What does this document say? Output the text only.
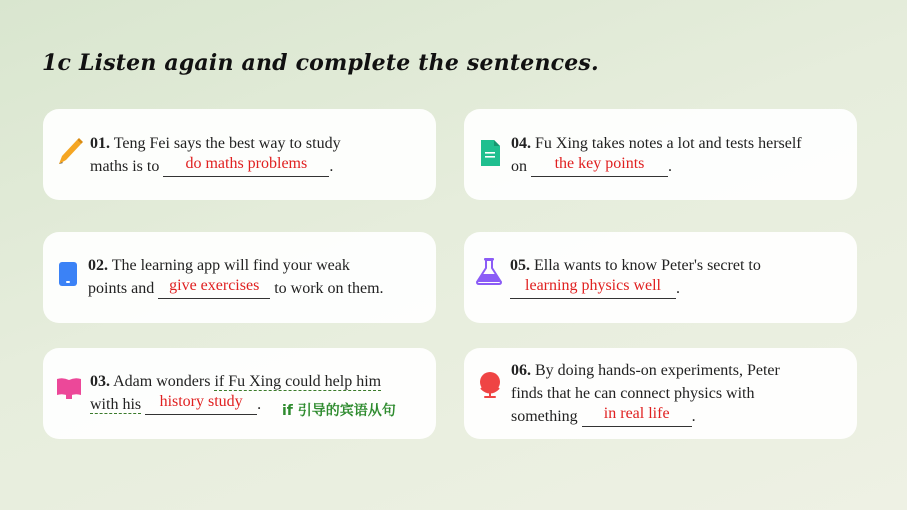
1c Listen again and complete the sentences.
01. Teng Fei says the best way to study
maths is to do maths problems .
02. The learning app will find your weak
points and give exercises to work on them.
03. Adam wonders if Fu Xing could help him
with his history study .	if 引导的宾语从句
04. Fu Xing takes notes a lot and tests herself
on the key points .
05. Ella wants to know Peter's secret to
learning physics well .
06. By doing hands-on experiments, Peter
finds that he can connect physics with
something in real life .
